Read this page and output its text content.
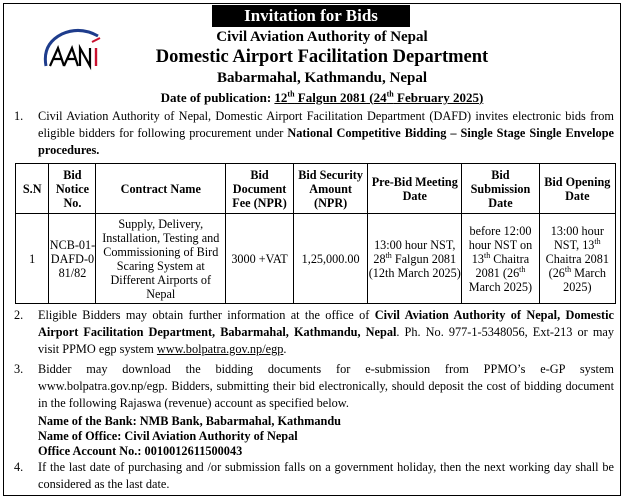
Invitation for Bids
Civil Aviation Authority of Nepal
Domestic Airport Facilitation Department
Babarmahal, Kathmandu, Nepal
Date of publication: 12th Falgun 2081 (24th February 2025)
1. Civil Aviation Authority of Nepal, Domestic Airport Facilitation Department (DAFD) invites electronic bids from eligible bidders for following procurement under National Competitive Bidding – Single Stage Single Envelope procedures.
S.N	Bid Notice No.	Contract Name	Bid Document Fee (NPR)	Bid Security Amount (NPR)	Pre-Bid Meeting Date	Bid Submission Date	Bid Opening Date
1	NCB-01-DAFD-081/82	Supply, Delivery, Installation, Testing and Commissioning of Bird Scaring System at Different Airports of Nepal	3000 +VAT	1,25,000.00	13:00 hour NST, 28th Falgun 2081 (12th March 2025)	before 12:00 hour NST on 13th Chaitra 2081 (26th March 2025)	13:00 hour NST, 13th Chaitra 2081 (26th March 2025)
2. Eligible Bidders may obtain further information at the office of Civil Aviation Authority of Nepal, Domestic Airport Facilitation Department, Babarmahal, Kathmandu, Nepal. Ph. No. 977-1-5348056, Ext-213 or may visit PPMO egp system www.bolpatra.gov.np/egp.
3. Bidder may download the bidding documents for e-submission from PPMO’s e-GP system www.bolpatra.gov.np/egp. Bidders, submitting their bid electronically, should deposit the cost of bidding document in the following Rajaswa (revenue) account as specified below.
Name of the Bank: NMB Bank, Babarmahal, Kathmandu
Name of Office: Civil Aviation Authority of Nepal
Office Account No.: 0010012611500043
4. If the last date of purchasing and /or submission falls on a government holiday, then the next working day shall be considered as the last date.
